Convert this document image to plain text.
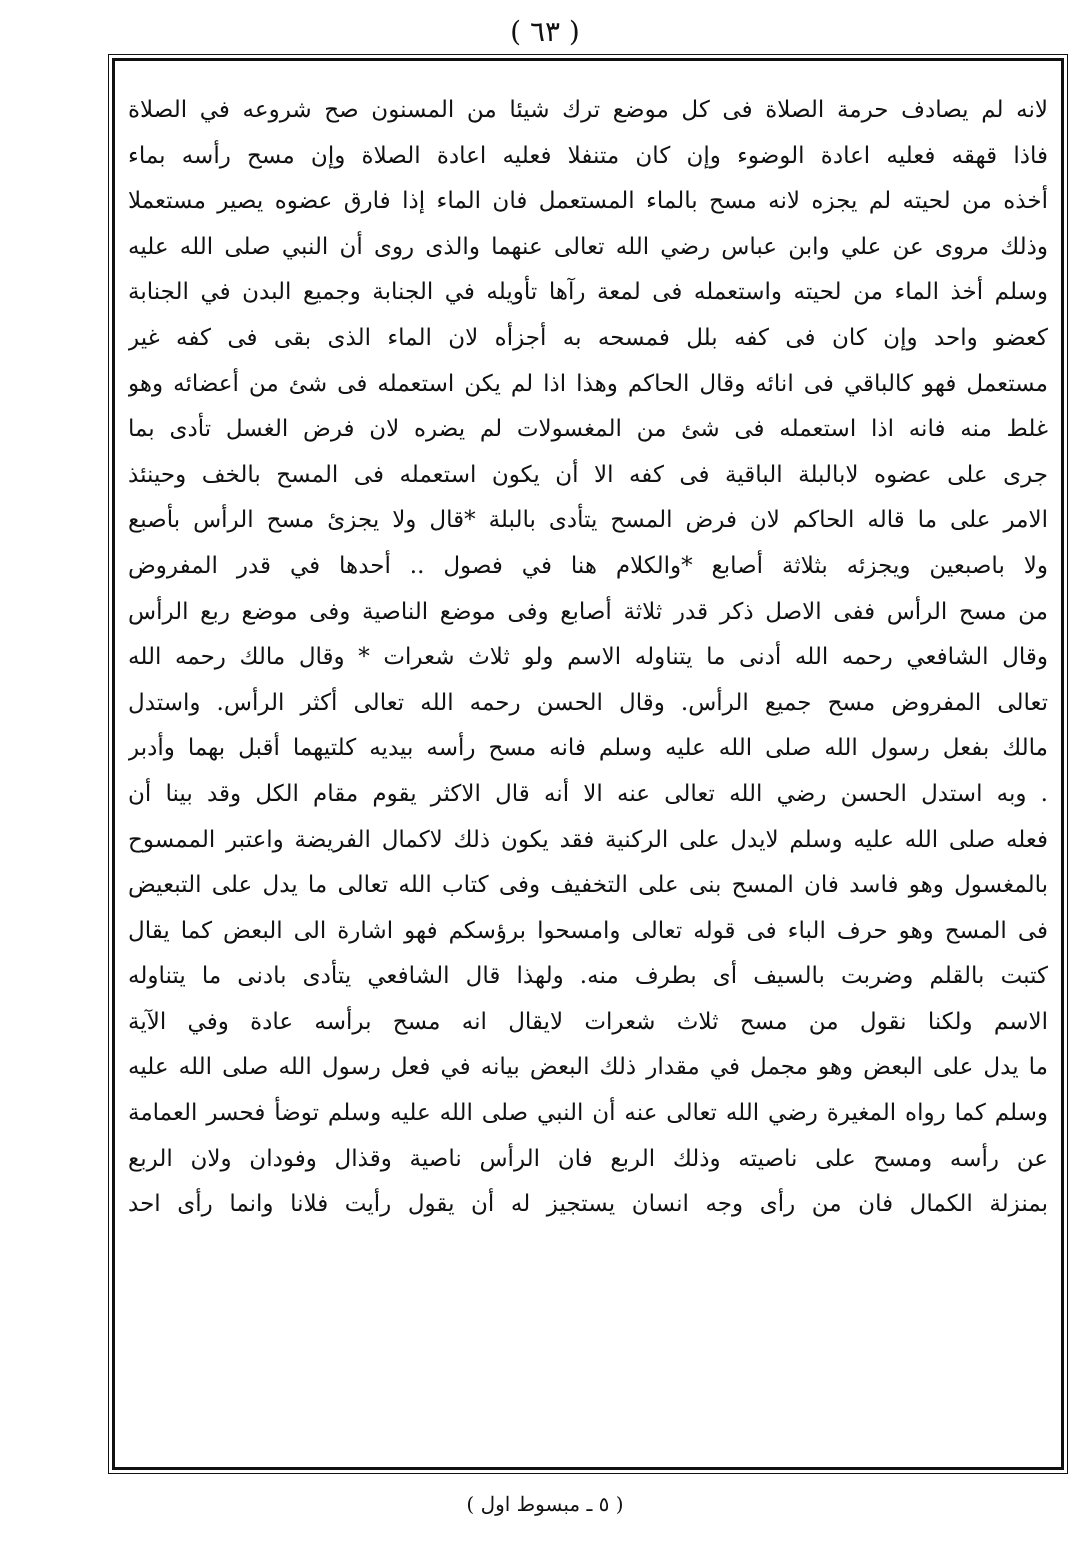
( ٦٣ )
لانه لم يصادف حرمة الصلاة فى كل موضع ترك شيئا من المسنون صح شروعه في الصلاة
فاذا قهقه فعليه اعادة الوضوء وإن كان متنفلا فعليه اعادة الصلاة وإن مسح رأسه بماء
أخذه من لحيته لم يجزه لانه مسح بالماء المستعمل فان الماء إذا فارق عضوه يصير مستعملا
وذلك مروى عن علي وابن عباس رضي الله تعالى عنهما والذى روى أن النبي صلى الله عليه
وسلم أخذ الماء من لحيته واستعمله فى لمعة رآها تأويله في الجنابة وجميع البدن في الجنابة
كعضو واحد وإن كان فى كفه بلل فمسحه به أجزأه لان الماء الذى بقى فى كفه غير
مستعمل فهو كالباقي فى انائه وقال الحاكم وهذا اذا لم يكن استعمله فى شئ من أعضائه وهو
غلط منه فانه اذا استعمله فى شئ من المغسولات لم يضره لان فرض الغسل تأدى بما
جرى على عضوه لابالبلة الباقية فى كفه الا أن يكون استعمله فى المسح بالخف وحينئذ
الامر على ما قاله الحاكم لان فرض المسح يتأدى بالبلة *قال ولا يجزئ مسح الرأس بأصبع
ولا باصبعين ويجزئه بثلاثة أصابع *والكلام هنا في فصول .. أحدها في قدر المفروض
من مسح الرأس ففى الاصل ذكر قدر ثلاثة أصابع وفى موضع الناصية وفى موضع ربع الرأس
وقال الشافعي رحمه الله أدنى ما يتناوله الاسم ولو ثلاث شعرات * وقال مالك رحمه الله
تعالى المفروض مسح جميع الرأس. وقال الحسن رحمه الله تعالى أكثر الرأس. واستدل
مالك بفعل رسول الله صلى الله عليه وسلم فانه مسح رأسه بيديه كلتيهما أقبل بهما وأدبر
. وبه استدل الحسن رضي الله تعالى عنه الا أنه قال الاكثر يقوم مقام الكل وقد بينا أن
فعله صلى الله عليه وسلم لايدل على الركنية فقد يكون ذلك لاكمال الفريضة واعتبر الممسوح
بالمغسول وهو فاسد فان المسح بنى على التخفيف وفى كتاب الله تعالى ما يدل على التبعيض
فى المسح وهو حرف الباء فى قوله تعالى وامسحوا برؤسكم فهو اشارة الى البعض كما يقال
كتبت بالقلم وضربت بالسيف أى بطرف منه. ولهذا قال الشافعي يتأدى بادنى ما يتناوله
الاسم ولكنا نقول من مسح ثلاث شعرات لايقال انه مسح برأسه عادة وفي الآية
ما يدل على البعض وهو مجمل في مقدار ذلك البعض بيانه في فعل رسول الله صلى الله عليه
وسلم كما رواه المغيرة رضي الله تعالى عنه أن النبي صلى الله عليه وسلم توضأ فحسر العمامة
عن رأسه ومسح على ناصيته وذلك الربع فان الرأس ناصية وقذال وفودان ولان الربع
بمنزلة الكمال فان من رأى وجه انسان يستجيز له أن يقول رأيت فلانا وانما رأى احد
( ٥ ـ مبسوط اول )
